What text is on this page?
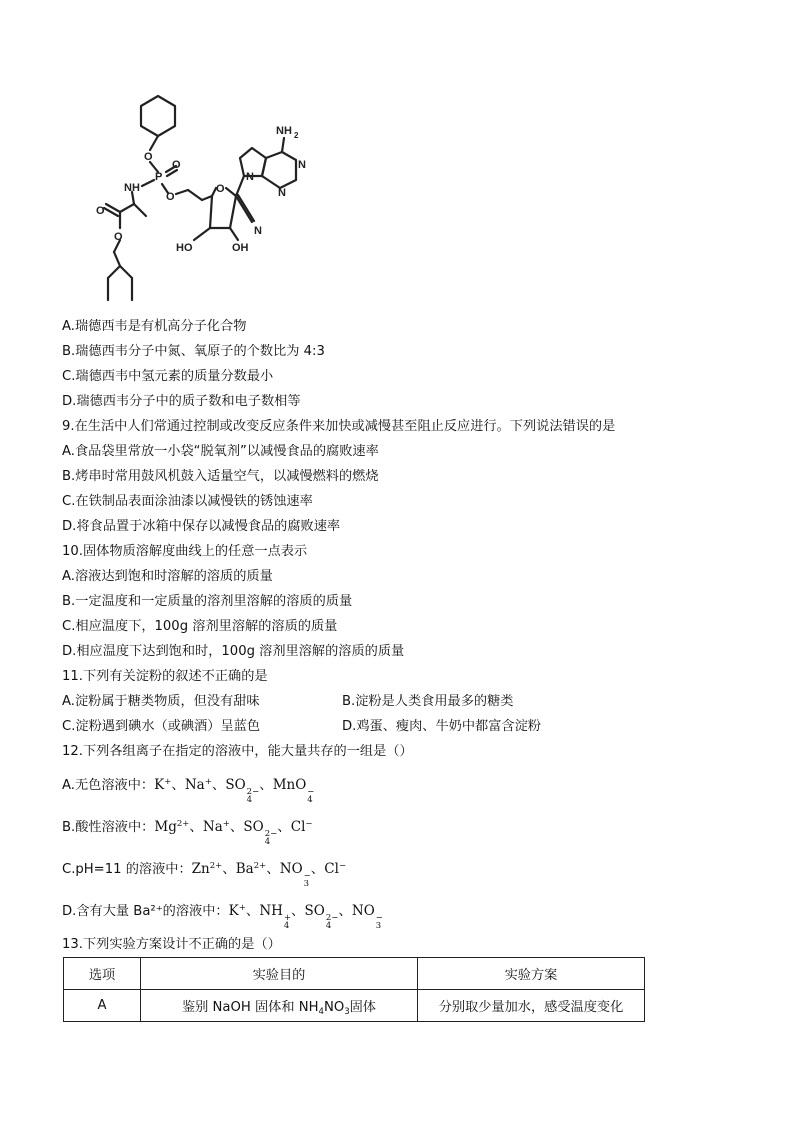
O
P
O
NH
O
O
O
O
HO	OH
N
N
N
N
NH 2
A.瑞德西韦是有机高分子化合物
B.瑞德西韦分子中氮、氧原子的个数比为 4:3
C.瑞德西韦中氢元素的质量分数最小
D.瑞德西韦分子中的质子数和电子数相等
9.在生活中人们常通过控制或改变反应条件来加快或减慢甚至阻止反应进行。下列说法错误的是
A.食品袋里常放一小袋“脱氧剂”以减慢食品的腐败速率
B.烤串时常用鼓风机鼓入适量空气，以减慢燃料的燃烧
C.在铁制品表面涂油漆以减慢铁的锈蚀速率
D.将食品置于冰箱中保存以减慢食品的腐败速率
10.固体物质溶解度曲线上的任意一点表示
A.溶液达到饱和时溶解的溶质的质量
B.一定温度和一定质量的溶剂里溶解的溶质的质量
C.相应温度下，100g 溶剂里溶解的溶质的质量
D.相应温度下达到饱和时，100g 溶剂里溶解的溶质的质量
11.下列有关淀粉的叙述不正确的是
A.淀粉属于糖类物质，但没有甜味	B.淀粉是人类食用最多的糖类
C.淀粉遇到碘水（或碘酒）呈蓝色	D.鸡蛋、瘦肉、牛奶中都富含淀粉
12.下列各组离子在指定的溶液中，能大量共存的一组是（）
A.无色溶液中：K+、Na+、SO 2−
4
、MnO −
4
B.酸性溶液中：$Mg^{2+}$、Na+、SO 2−
4
、Cl−
C.pH=11 的溶液中：$Zn^{2+}$、$Ba^{2+}$、NO −
3
、Cl−
D.含有大量 Ba²⁺的溶液中：K+、NH +
4
、SO 2−
4
、NO −
3
13.下列实验方案设计不正确的是（）
选项	实验目的	实验方案
A	鉴别 NaOH 固体和 $NH_4NO_3$固体	分别取少量加水，感受温度变化
